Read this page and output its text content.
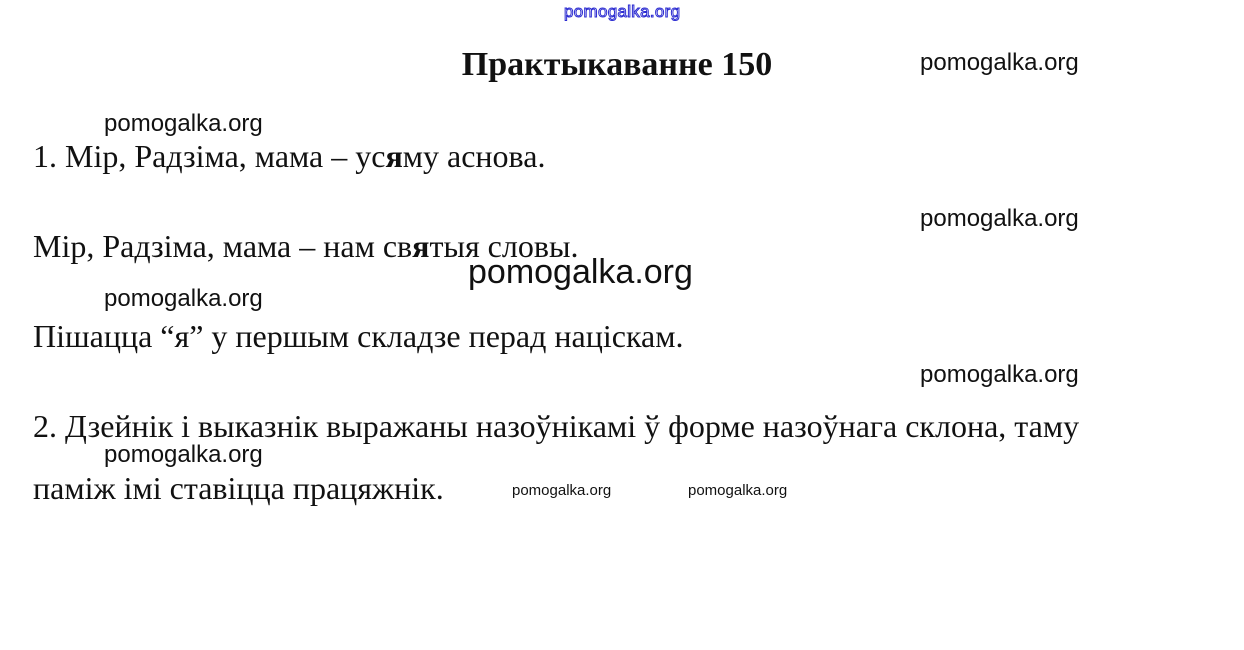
pomogalka.org
Практыкаванне 150
1. Мір, Радзіма, мама – усяму аснова.
Мір, Радзіма, мама – нам святыя словы.
Пішацца “я” у першым складзе перад націскам.
2. Дзейнік і выказнік выражаны назоўнікамі ў форме назоўнага склона, таму
паміж імі ставіцца працяжнік.
pomogalka.org
pomogalka.org
pomogalka.org
pomogalka.org
pomogalka.org
pomogalka.org
pomogalka.org
pomogalka.org	pomogalka.org
